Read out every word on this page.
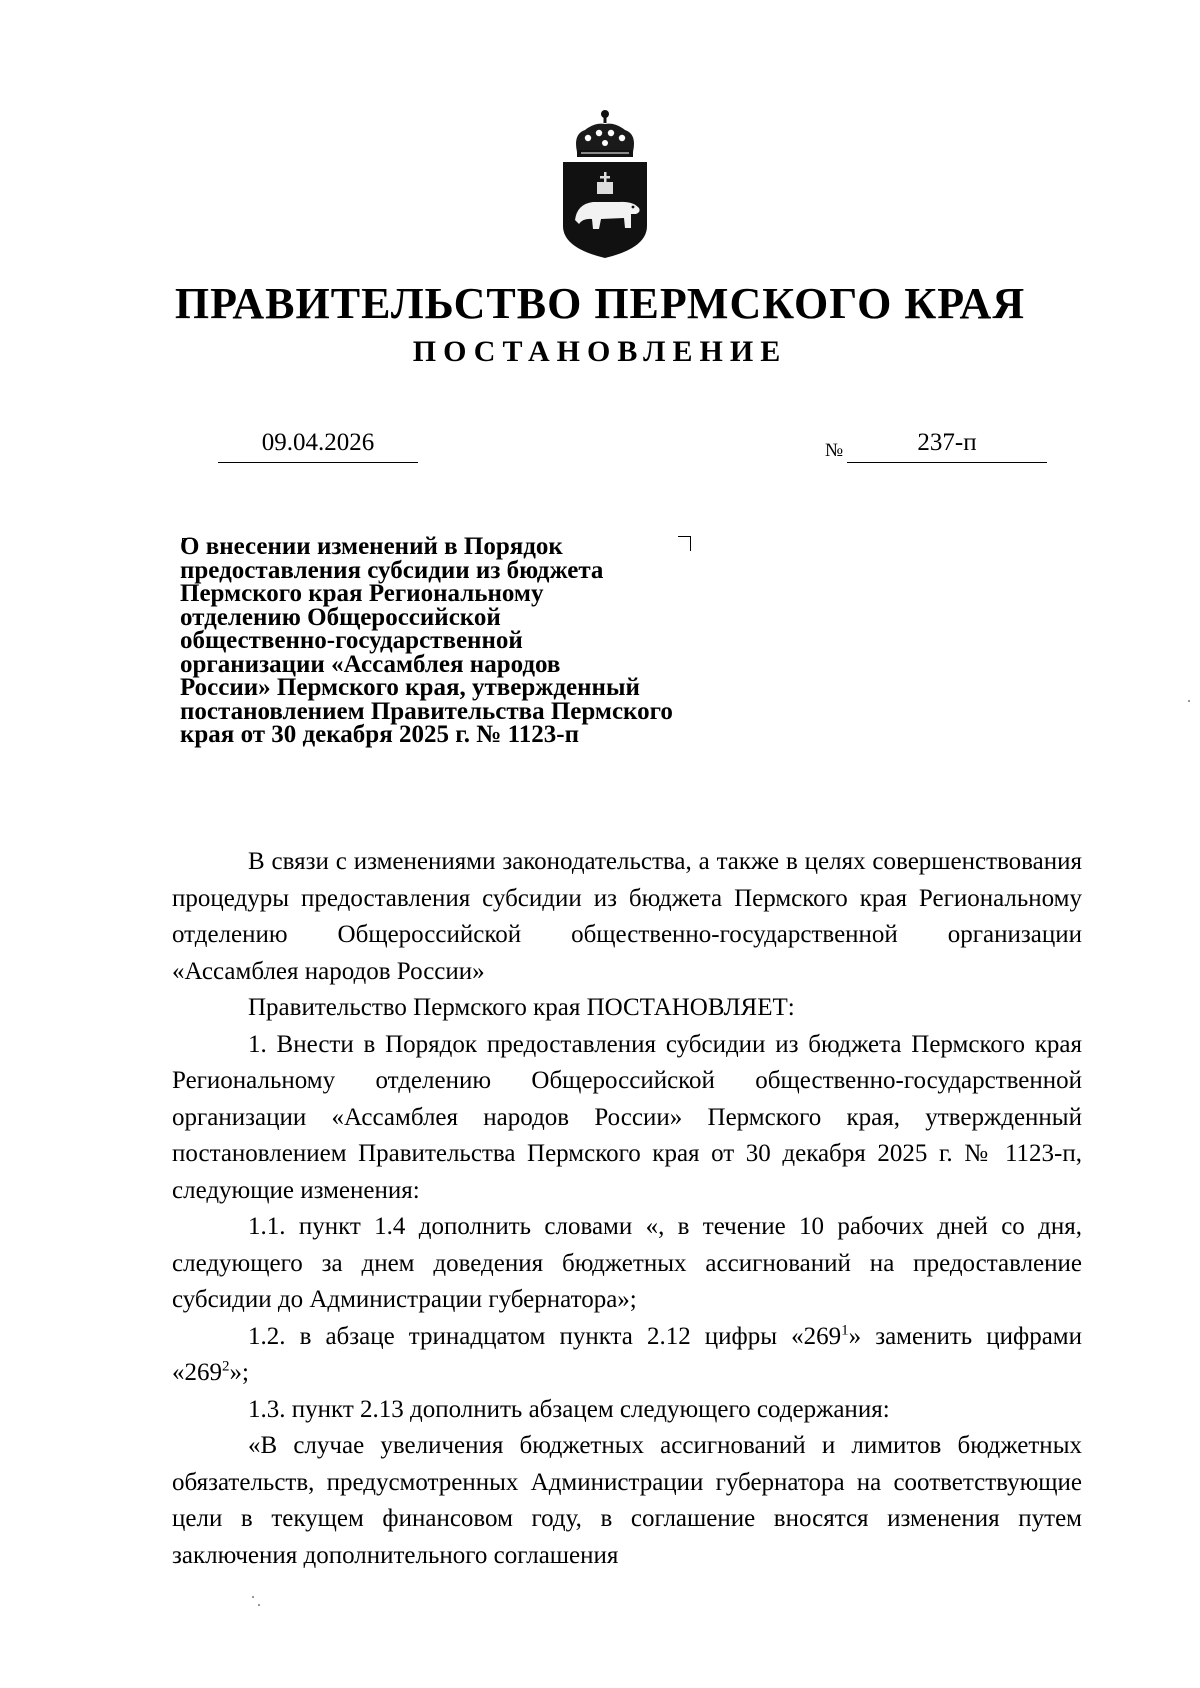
ПРАВИТЕЛЬСТВО ПЕРМСКОГО КРАЯ
ПОСТАНОВЛЕНИЕ
09.04.2026	№	237-п
О внесении изменений в Порядок
предоставления субсидии из бюджета
Пермского края Региональному
отделению Общероссийской
общественно-государственной
организации «Ассамблея народов
России» Пермского края, утвержденный
постановлением Правительства Пермского
края от 30 декабря 2025 г. № 1123-п

В связи с изменениями законодательства, а также в целях совершенствования процедуры предоставления субсидии из бюджета Пермского края Региональному отделению Общероссийской общественно-государственной организации «Ассамблея народов России»

Правительство Пермского края ПОСТАНОВЛЯЕТ:

1. Внести в Порядок предоставления субсидии из бюджета Пермского края Региональному отделению Общероссийской общественно-государственной организации «Ассамблея народов России» Пермского края, утвержденный постановлением Правительства Пермского края от 30 декабря 2025 г. № 1123-п, следующие изменения:

1.1. пункт 1.4 дополнить словами «, в течение 10 рабочих дней со дня, следующего за днем доведения бюджетных ассигнований на предоставление субсидии до Администрации губернатора»;

1.2. в абзаце тринадцатом пункта 2.12 цифры «$269^1$» заменить цифрами «$269^2$»;

1.3. пункт 2.13 дополнить абзацем следующего содержания:

«В случае увеличения бюджетных ассигнований и лимитов бюджетных обязательств, предусмотренных Администрации губернатора на соответствующие цели в текущем финансовом году, в соглашение вносятся изменения путем заключения дополнительного соглашения
